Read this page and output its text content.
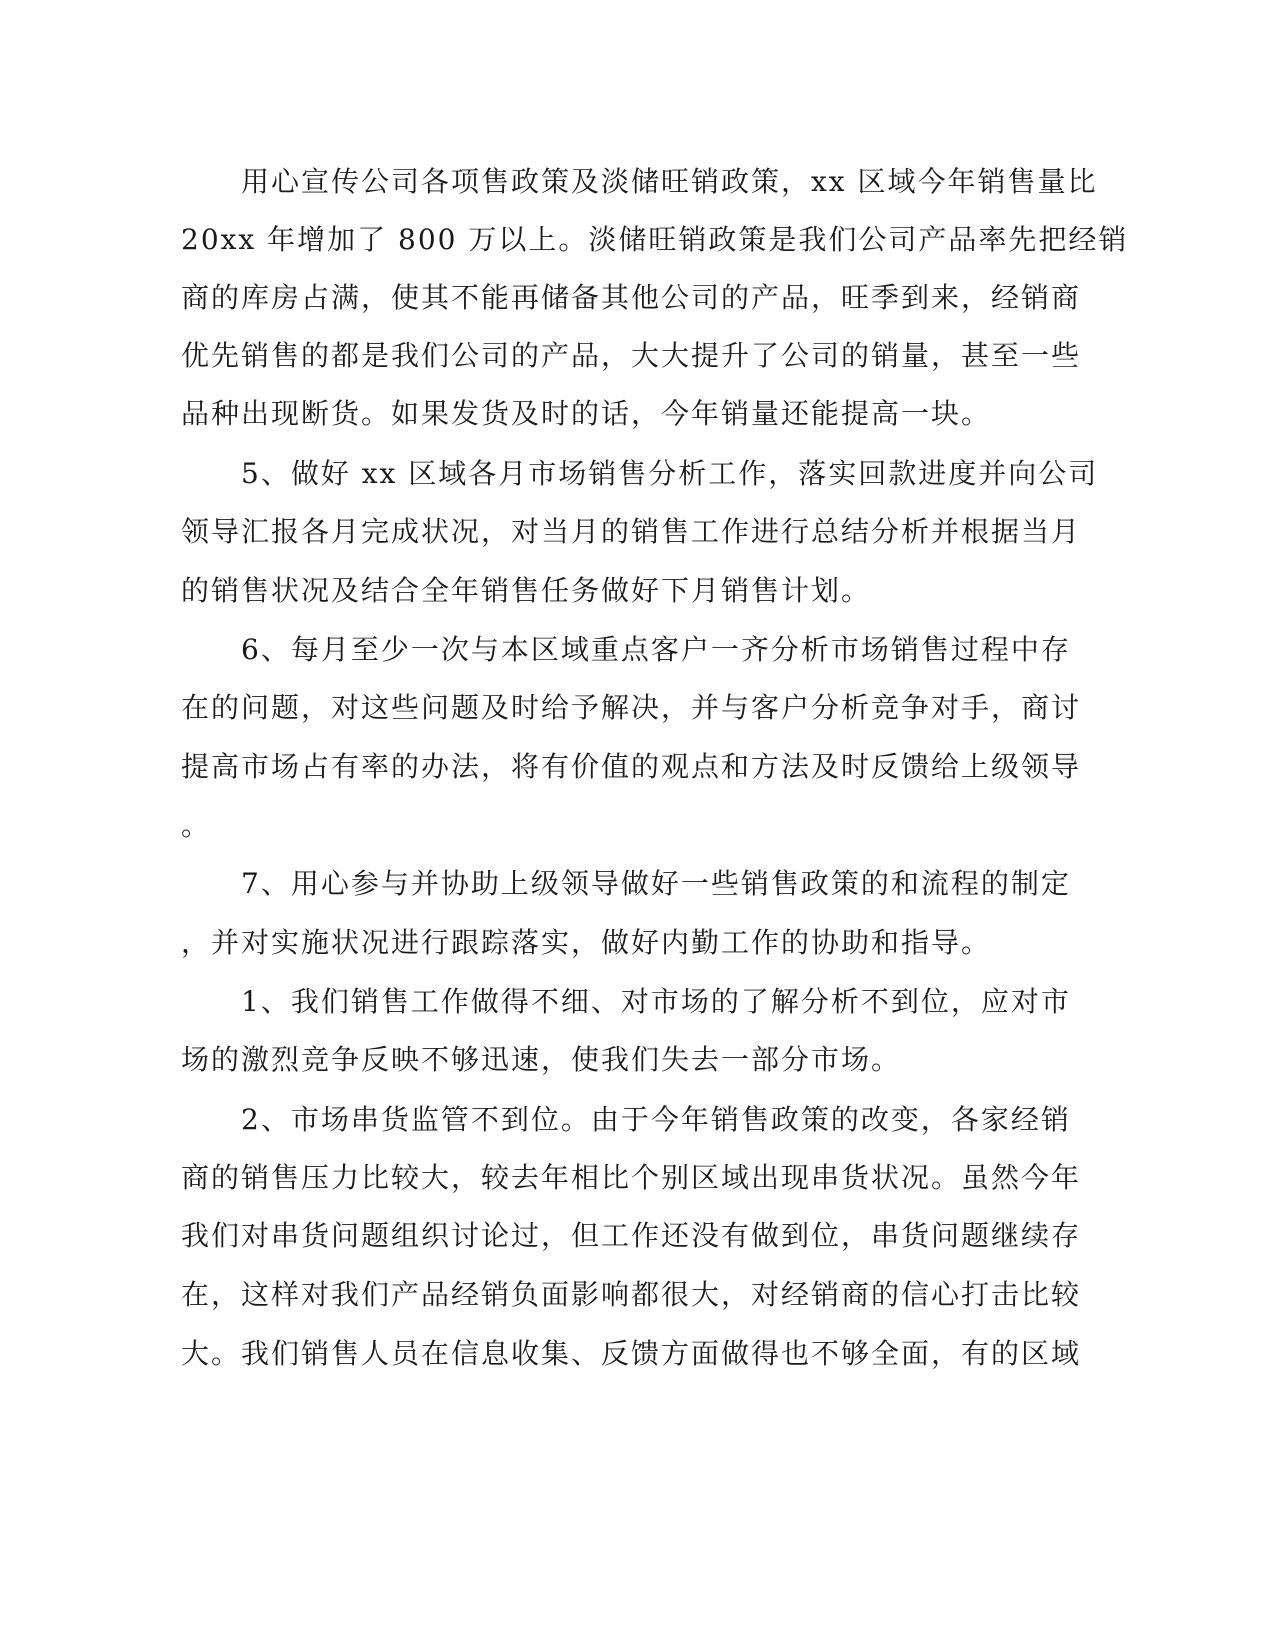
　　用心宣传公司各项售政策及淡储旺销政策，xx 区域今年销售量比
20xx 年增加了 800 万以上。淡储旺销政策是我们公司产品率先把经销
商的库房占满，使其不能再储备其他公司的产品，旺季到来，经销商
优先销售的都是我们公司的产品，大大提升了公司的销量，甚至一些
品种出现断货。如果发货及时的话，今年销量还能提高一块。
　　5、做好 xx 区域各月市场销售分析工作，落实回款进度并向公司
领导汇报各月完成状况，对当月的销售工作进行总结分析并根据当月
的销售状况及结合全年销售任务做好下月销售计划。
　　6、每月至少一次与本区域重点客户一齐分析市场销售过程中存
在的问题，对这些问题及时给予解决，并与客户分析竞争对手，商讨
提高市场占有率的办法，将有价值的观点和方法及时反馈给上级领导
。
　　7、用心参与并协助上级领导做好一些销售政策的和流程的制定
，并对实施状况进行跟踪落实，做好内勤工作的协助和指导。
　　1、我们销售工作做得不细、对市场的了解分析不到位，应对市
场的激烈竞争反映不够迅速，使我们失去一部分市场。
　　2、市场串货监管不到位。由于今年销售政策的改变，各家经销
商的销售压力比较大，较去年相比个别区域出现串货状况。虽然今年
我们对串货问题组织讨论过，但工作还没有做到位，串货问题继续存
在，这样对我们产品经销负面影响都很大，对经销商的信心打击比较
大。我们销售人员在信息收集、反馈方面做得也不够全面，有的区域
